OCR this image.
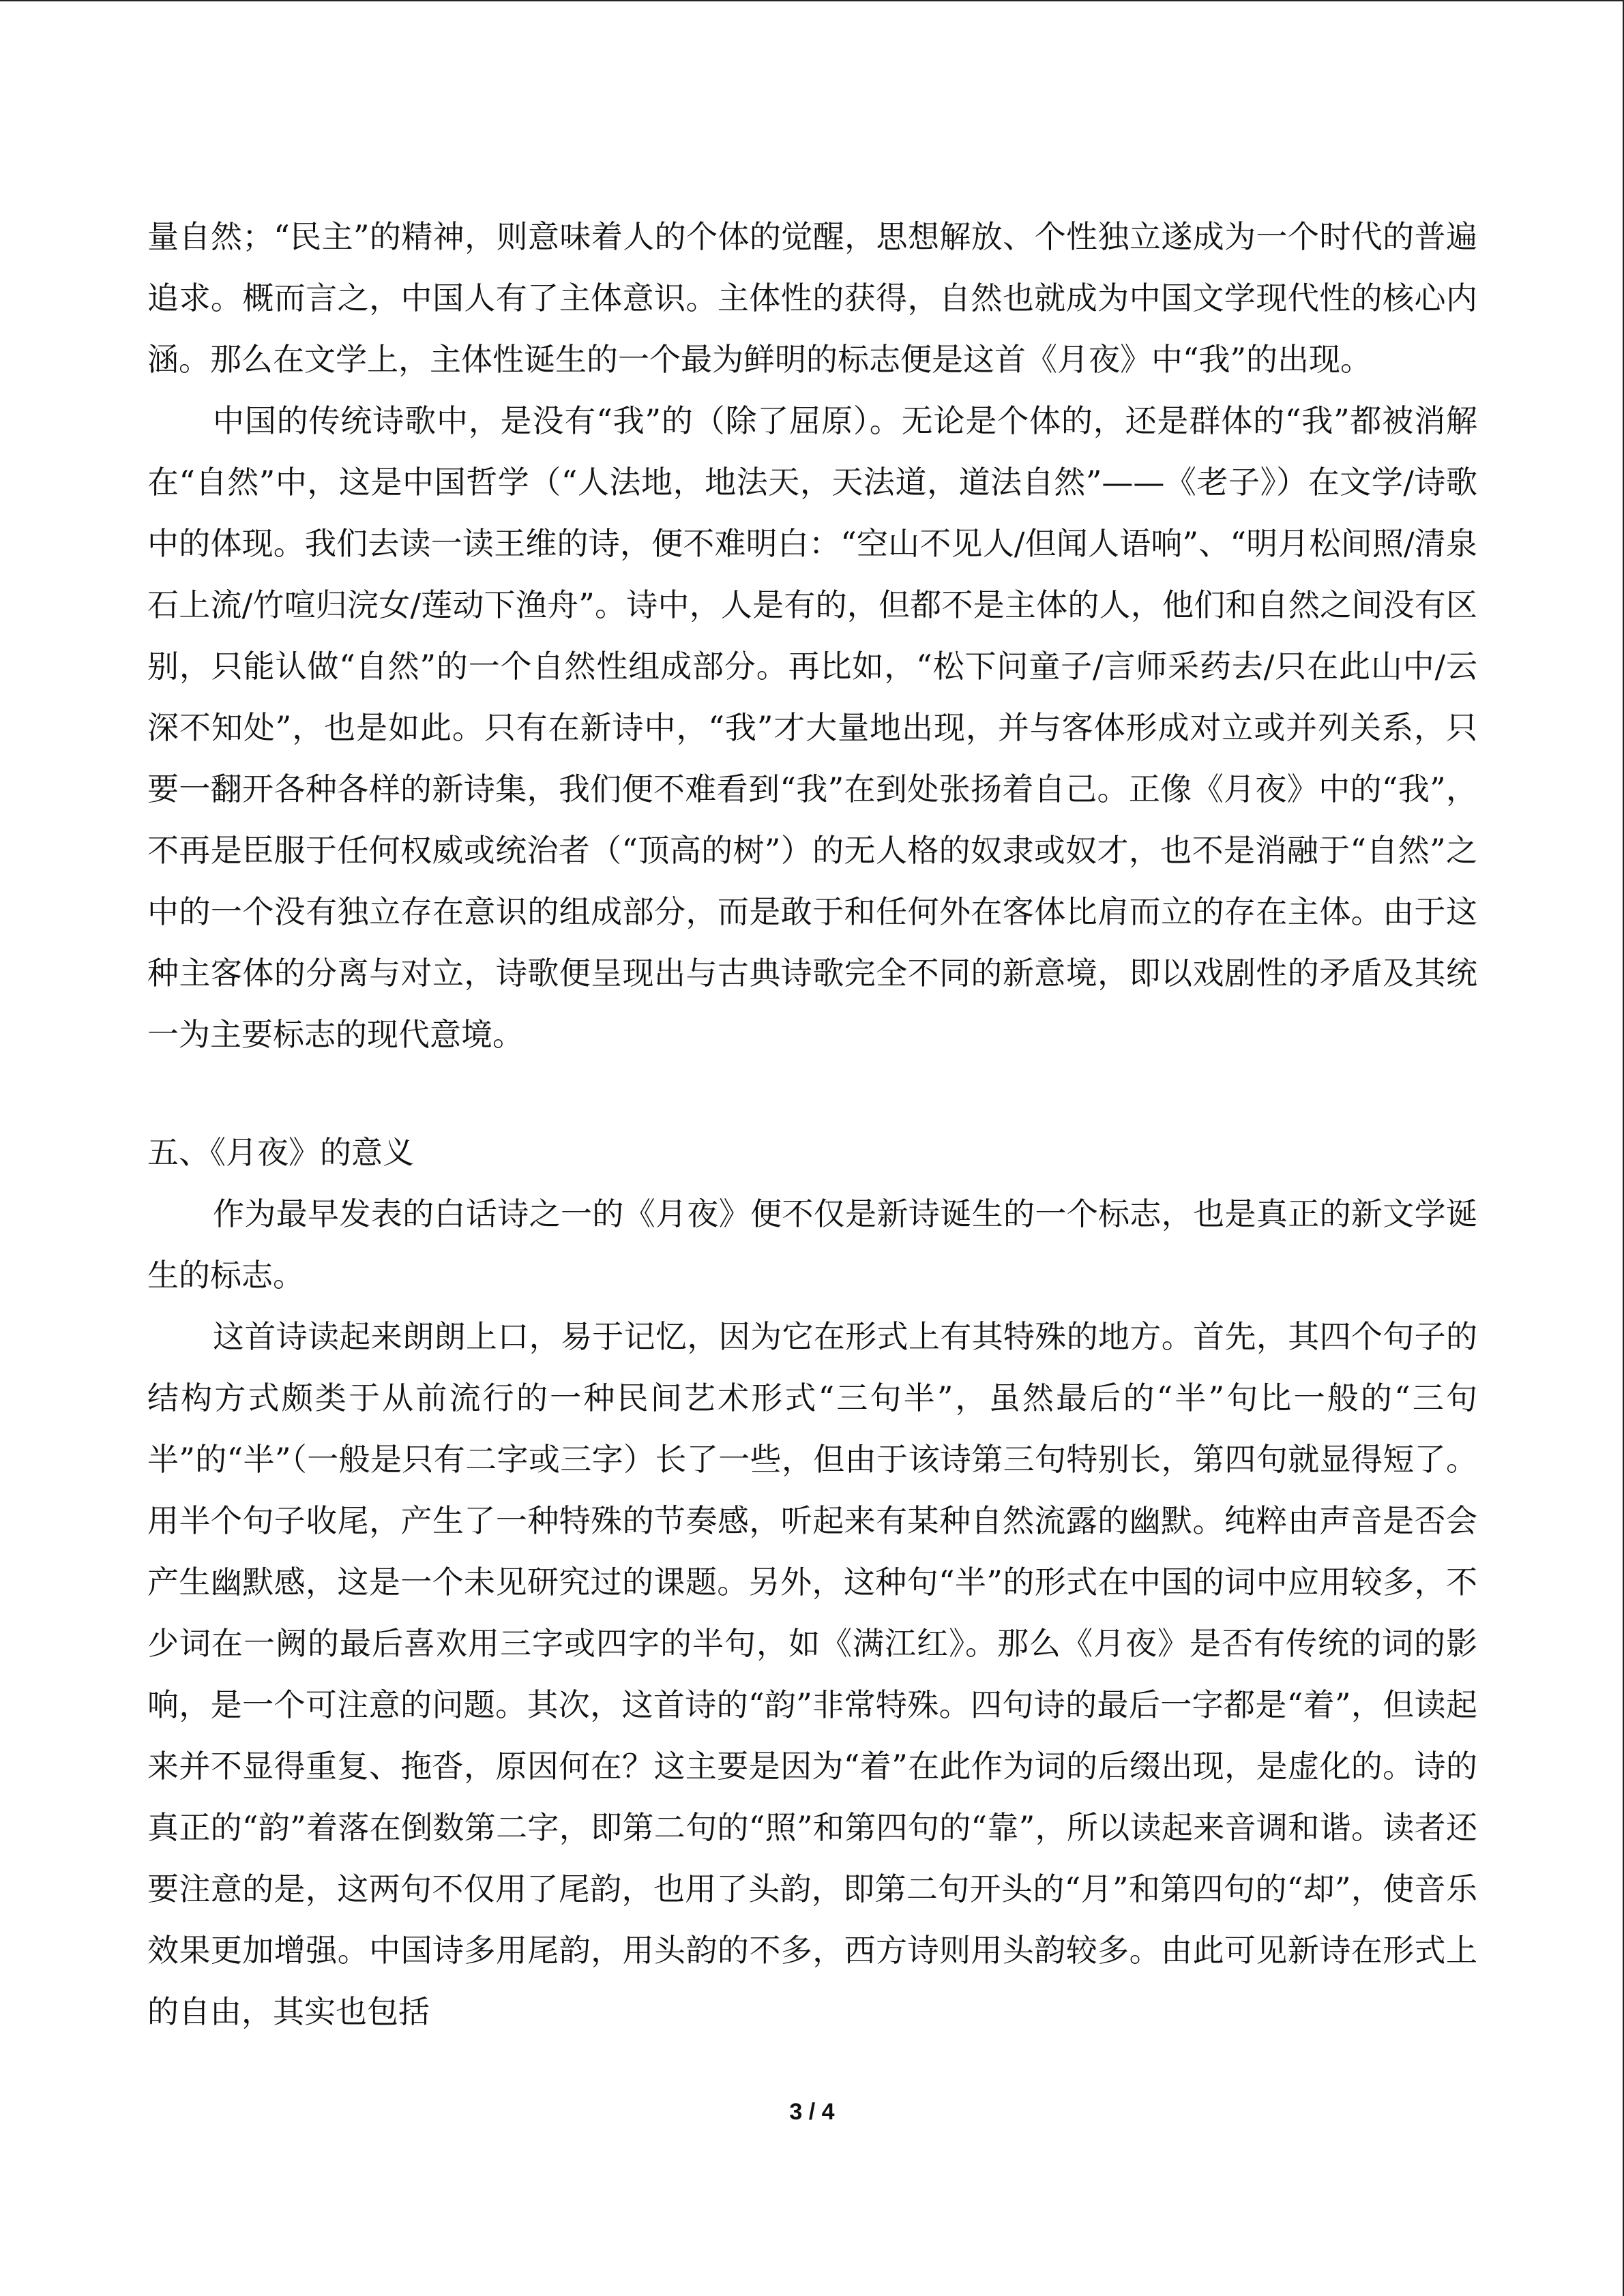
量自然；“民主”的精神，则意味着人的个体的觉醒，思想解放、个性独立遂成为一个时代的普遍追求。概而言之，中国人有了主体意识。主体性的获得，自然也就成为中国文学现代性的核心内涵。那么在文学上，主体性诞生的一个最为鲜明的标志便是这首《月夜》中“我”的出现。

中国的传统诗歌中，是没有“我”的（除了屈原）。无论是个体的，还是群体的“我”都被消解在“自然”中，这是中国哲学（“人法地，地法天，天法道，道法自然”——《老子》）在文学/诗歌中的体现。我们去读一读王维的诗，便不难明白：“空山不见人/但闻人语响”、“明月松间照/清泉石上流/竹喧归浣女/莲动下渔舟”。诗中，人是有的，但都不是主体的人，他们和自然之间没有区别，只能认做“自然”的一个自然性组成部分。再比如，“松下问童子/言师采药去/只在此山中/云深不知处”，也是如此。只有在新诗中，“我”才大量地出现，并与客体形成对立或并列关系，只要一翻开各种各样的新诗集，我们便不难看到“我”在到处张扬着自己。正像《月夜》中的“我”，不再是臣服于任何权威或统治者（“顶高的树”）的无人格的奴隶或奴才，也不是消融于“自然”之中的一个没有独立存在意识的组成部分，而是敢于和任何外在客体比肩而立的存在主体。由于这种主客体的分离与对立，诗歌便呈现出与古典诗歌完全不同的新意境，即以戏剧性的矛盾及其统一为主要标志的现代意境。

五、《月夜》的意义

作为最早发表的白话诗之一的《月夜》便不仅是新诗诞生的一个标志，也是真正的新文学诞生的标志。

这首诗读起来朗朗上口，易于记忆，因为它在形式上有其特殊的地方。首先，其四个句子的结构方式颇类于从前流行的一种民间艺术形式“三句半”，虽然最后的“半”句比一般的“三句半”的“半”（一般是只有二字或三字）长了一些，但由于该诗第三句特别长，第四句就显得短了。用半个句子收尾，产生了一种特殊的节奏感，听起来有某种自然流露的幽默。纯粹由声音是否会产生幽默感，这是一个未见研究过的课题。另外，这种句“半”的形式在中国的词中应用较多，不少词在一阙的最后喜欢用三字或四字的半句，如《满江红》。那么《月夜》是否有传统的词的影响，是一个可注意的问题。其次，这首诗的“韵”非常特殊。四句诗的最后一字都是“着”，但读起来并不显得重复、拖沓，原因何在？这主要是因为“着”在此作为词的后缀出现，是虚化的。诗的真正的“韵”着落在倒数第二字，即第二句的“照”和第四句的“靠”，所以读起来音调和谐。读者还要注意的是，这两句不仅用了尾韵，也用了头韵，即第二句开头的“月”和第四句的“却”，使音乐效果更加增强。中国诗多用尾韵，用头韵的不多，西方诗则用头韵较多。由此可见新诗在形式上的自由，其实也包括

3 / 4
